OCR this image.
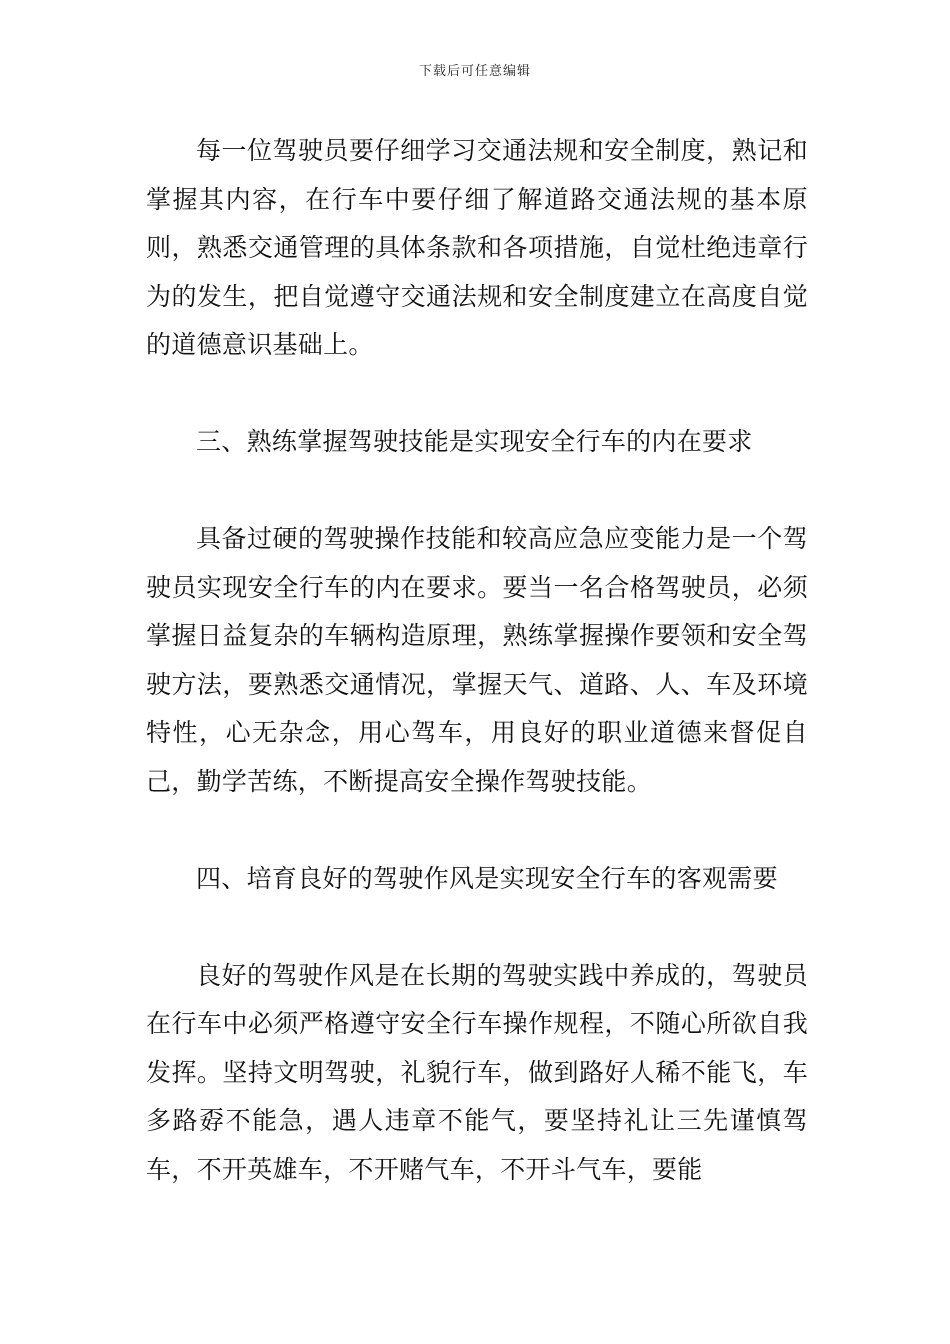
下载后可任意编辑

每一位驾驶员要仔细学习交通法规和安全制度，熟记和掌握其内容，在行车中要仔细了解道路交通法规的基本原则，熟悉交通管理的具体条款和各项措施，自觉杜绝违章行为的发生，把自觉遵守交通法规和安全制度建立在高度自觉的道德意识基础上。

三、熟练掌握驾驶技能是实现安全行车的内在要求

具备过硬的驾驶操作技能和较高应急应变能力是一个驾驶员实现安全行车的内在要求。要当一名合格驾驶员，必须掌握日益复杂的车辆构造原理，熟练掌握操作要领和安全驾驶方法，要熟悉交通情况，掌握天气、道路、人、车及环境特性，心无杂念，用心驾车，用良好的职业道德来督促自己，勤学苦练，不断提高安全操作驾驶技能。

四、培育良好的驾驶作风是实现安全行车的客观需要

良好的驾驶作风是在长期的驾驶实践中养成的，驾驶员在行车中必须严格遵守安全行车操作规程，不随心所欲自我发挥。坚持文明驾驶，礼貌行车，做到路好人稀不能飞，车多路孬不能急，遇人违章不能气，要坚持礼让三先谨慎驾车，不开英雄车，不开赌气车，不开斗气车，要能
